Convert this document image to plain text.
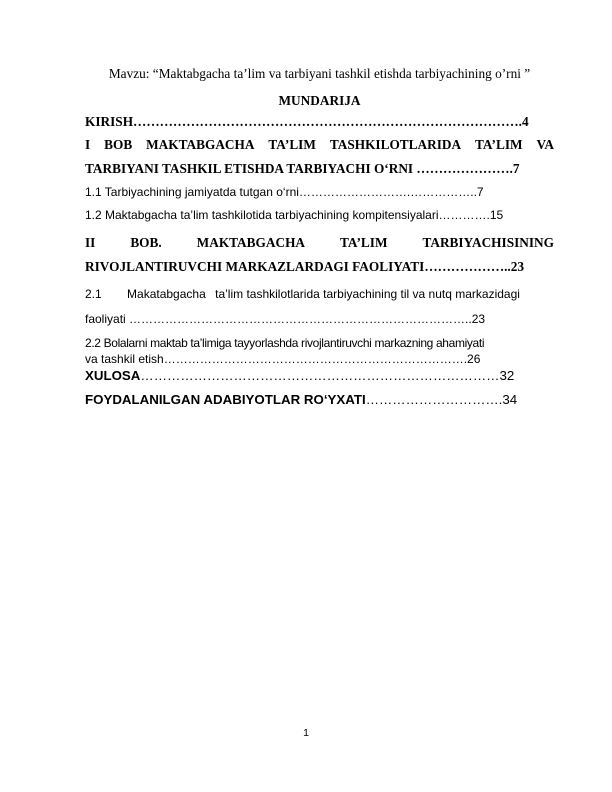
Mavzu: “Maktabgacha ta’lim va tarbiyani tashkil etishda tarbiyachining o’rni ”
MUNDARIJA
KIRISH…………………………………………………………………………….4
I BOB MAKTABGACHA TA’LIM TASHKILOTLARIDA TA’LIM VA
TARBIYANI TASHKIL ETISHDA TARBIYACHI O‘RNI ………………….7
1.1 Tarbiyachining jamiyatda tutgan o‘rni……………………….……………..7
1.2 Maktabgacha ta’lim tashkilotida tarbiyachining kompitensiyalari………….15
II	BOB.	MAKTABGACHA	TA’LIM	TARBIYACHISINING
RIVOJLANTIRUVCHI MARKAZLARDAGI FAOLIYATI………………..23
2.1 Makatabgacha ta’lim tashkilotlarida tarbiyachining til va nutq markazidagi
faoliyati …………………………………………………………………………..23
2.2 Bolalarni maktab ta’limiga tayyorlashda rivojlantiruvchi markazning ahamiyati
va tashkil etish………………………………………………………………….26
XULOSA………………………………………………………………………32
FOYDALANILGAN ADABIYOTLAR RO‘YXATI………………………….34
1
